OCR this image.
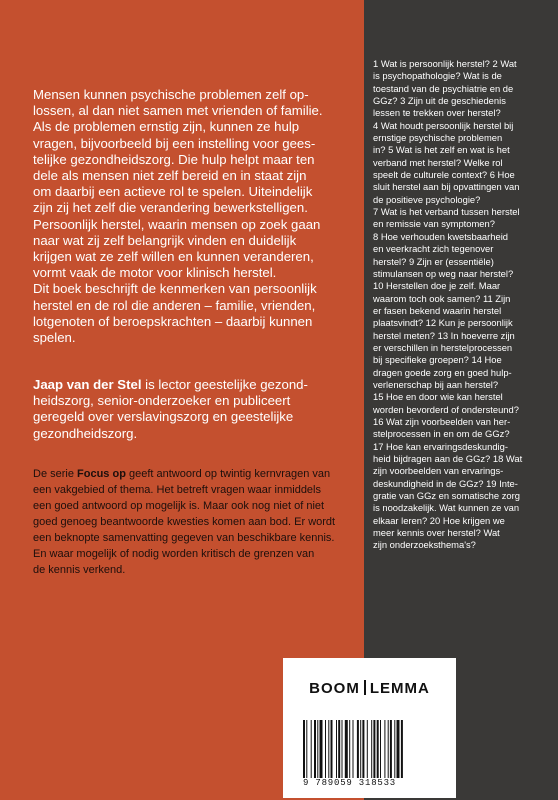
Mensen kunnen psychische problemen zelf op-

lossen, al dan niet samen met vrienden of familie.

Als de problemen ernstig zijn, kunnen ze hulp

vragen, bijvoorbeeld bij een instelling voor gees-

telijke gezondheidszorg. Die hulp helpt maar ten

dele als mensen niet zelf bereid en in staat zijn

om daarbij een actieve rol te spelen. Uiteindelijk

zijn zij het zelf die verandering bewerkstelligen.

Persoonlijk herstel, waarin mensen op zoek gaan

naar wat zij zelf belangrijk vinden en duidelijk

krijgen wat ze zelf willen en kunnen veranderen,

vormt vaak de motor voor klinisch herstel.

Dit boek beschrijft de kenmerken van persoonlijk

herstel en de rol die anderen – familie, vrienden,

lotgenoten of beroepskrachten – daarbij kunnen

spelen.

Jaap van der Stel is lector geestelijke gezond-
heidszorg, senior-onderzoeker en publiceert
geregeld over verslavingszorg en geestelijke
gezondheidszorg.
De serie Focus op geeft antwoord op twintig kernvragen van
een vakgebied of thema. Het betreft vragen waar inmiddels
een goed antwoord op mogelijk is. Maar ook nog niet of niet
goed genoeg beantwoorde kwesties komen aan bod. Er wordt
een beknopte samenvatting gegeven van beschikbare kennis.
En waar mogelijk of nodig worden kritisch de grenzen van
de kennis verkend.
1 Wat is persoonlijk herstel? 2 Wat
is psychopathologie? Wat is de
toestand van de psychiatrie en de
GGz? 3 Zijn uit de geschiedenis
lessen te trekken over herstel?
4 Wat houdt persoonlijk herstel bij
ernstige psychische problemen
in? 5 Wat is het zelf en wat is het
verband met herstel? Welke rol
speelt de culturele context? 6 Hoe
sluit herstel aan bij opvattingen van
de positieve psychologie?
7 Wat is het verband tussen herstel
en remissie van symptomen?
8 Hoe verhouden kwetsbaarheid
en veerkracht zich tegenover
herstel? 9 Zijn er (essentiële)
stimulansen op weg naar herstel?
10 Herstellen doe je zelf. Maar
waarom toch ook samen? 11 Zijn
er fasen bekend waarin herstel
plaatsvindt? 12 Kun je persoonlijk
herstel meten? 13 In hoeverre zijn
er verschillen in herstelprocessen
bij specifieke groepen? 14 Hoe
dragen goede zorg en goed hulp-
verlenerschap bij aan herstel?
15 Hoe en door wie kan herstel
worden bevorderd of ondersteund?
16 Wat zijn voorbeelden van her-
stelprocessen in en om de GGz?
17 Hoe kan ervaringsdeskundig-
heid bijdragen aan de GGz? 18 Wat
zijn voorbeelden van ervarings-
deskundigheid in de GGz? 19 Inte-
gratie van GGz en somatische zorg
is noodzakelijk. Wat kunnen ze van
elkaar leren? 20 Hoe krijgen we
meer kennis over herstel? Wat
zijn onderzoeksthema's?
BOOM LEMMA
9 789059 318533
